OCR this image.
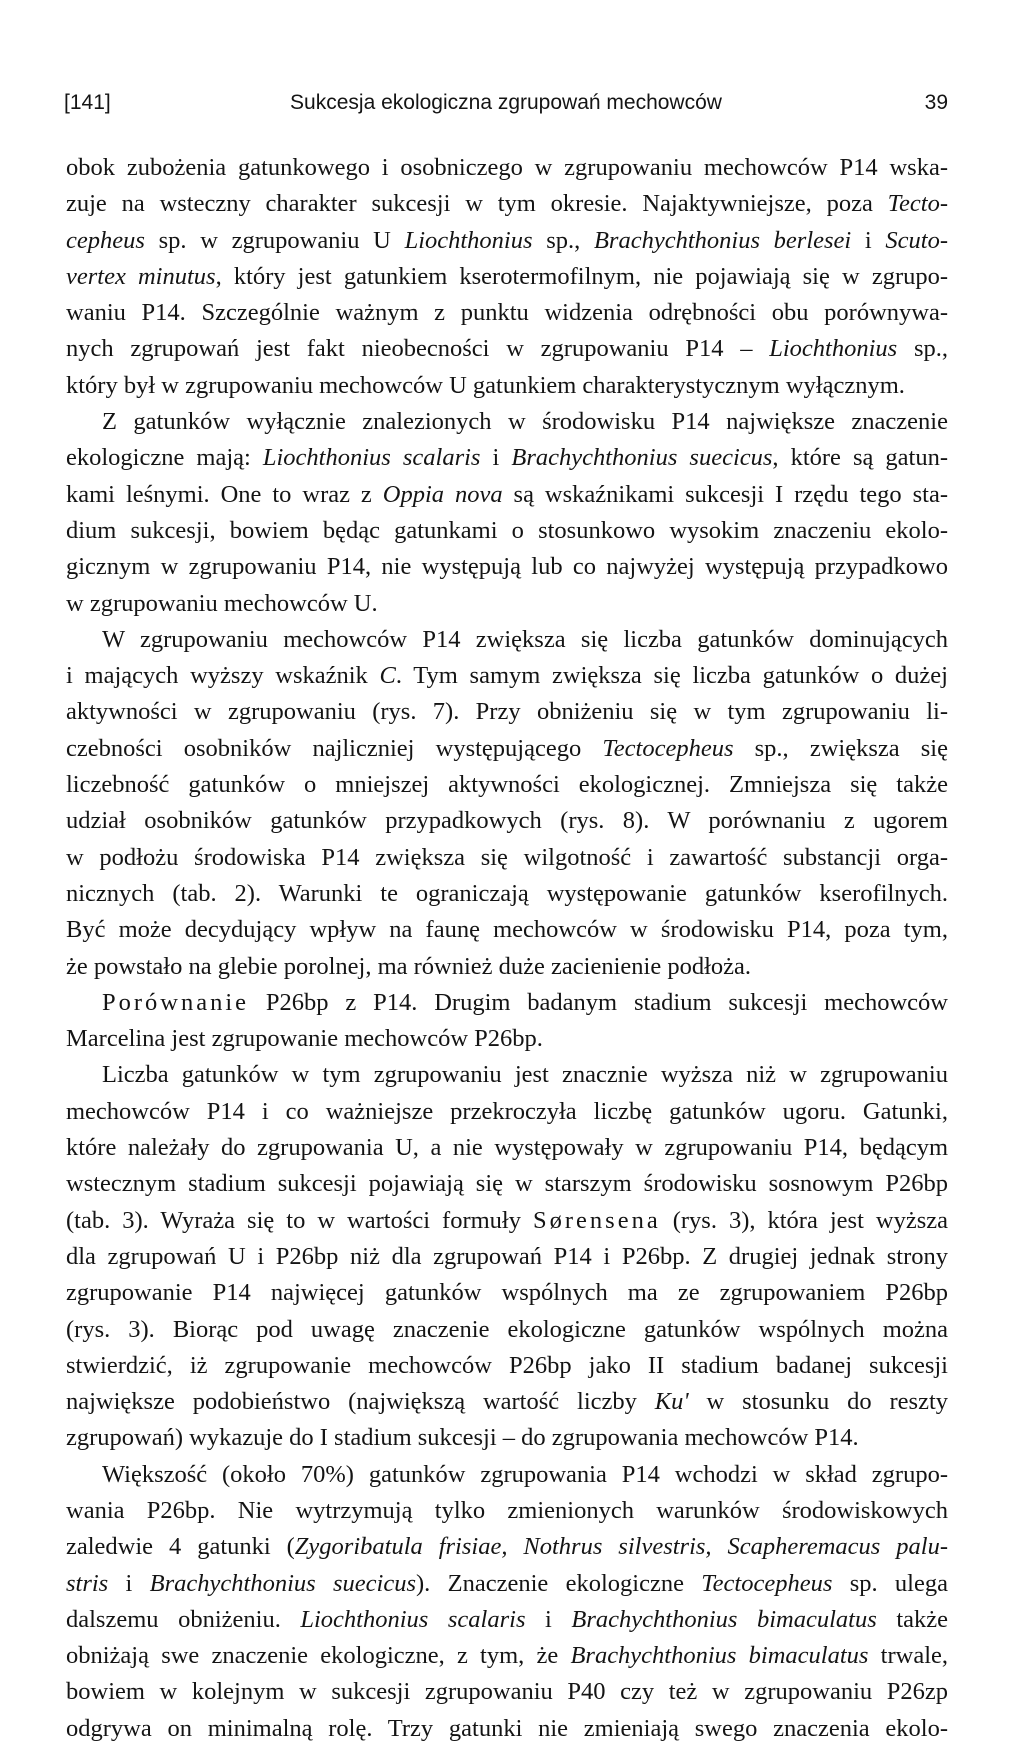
[141]	Sukcesja ekologiczna zgrupowań mechowców	39
obok zubożenia gatunkowego i osobniczego w zgrupowaniu mechowców P14 wska-
zuje na wsteczny charakter sukcesji w tym okresie. Najaktywniejsze, poza Tecto-
cepheus sp. w zgrupowaniu U Liochthonius sp., Brachychthonius berlesei i Scuto-
vertex minutus, który jest gatunkiem kserotermofilnym, nie pojawiają się w zgrupo-
waniu P14. Szczególnie ważnym z punktu widzenia odrębności obu porównywa-
nych zgrupowań jest fakt nieobecności w zgrupowaniu P14 – Liochthonius sp.,
który był w zgrupowaniu mechowców U gatunkiem charakterystycznym wyłącznym.
Z gatunków wyłącznie znalezionych w środowisku P14 największe znaczenie
ekologiczne mają: Liochthonius scalaris i Brachychthonius suecicus, które są gatun-
kami leśnymi. One to wraz z Oppia nova są wskaźnikami sukcesji I rzędu tego sta-
dium sukcesji, bowiem będąc gatunkami o stosunkowo wysokim znaczeniu ekolo-
gicznym w zgrupowaniu P14, nie występują lub co najwyżej występują przypadkowo
w zgrupowaniu mechowców U.
W zgrupowaniu mechowców P14 zwiększa się liczba gatunków dominujących
i mających wyższy wskaźnik C. Tym samym zwiększa się liczba gatunków o dużej
aktywności w zgrupowaniu (rys. 7). Przy obniżeniu się w tym zgrupowaniu li-
czebności osobników najliczniej występującego Tectocepheus sp., zwiększa się
liczebność gatunków o mniejszej aktywności ekologicznej. Zmniejsza się także
udział osobników gatunków przypadkowych (rys. 8). W porównaniu z ugorem
w podłożu środowiska P14 zwiększa się wilgotność i zawartość substancji orga-
nicznych (tab. 2). Warunki te ograniczają występowanie gatunków kserofilnych.
Być może decydujący wpływ na faunę mechowców w środowisku P14, poza tym,
że powstało na glebie porolnej, ma również duże zacienienie podłoża.
Porównanie P26bp z P14. Drugim badanym stadium sukcesji mechowców
Marcelina jest zgrupowanie mechowców P26bp.
Liczba gatunków w tym zgrupowaniu jest znacznie wyższa niż w zgrupowaniu
mechowców P14 i co ważniejsze przekroczyła liczbę gatunków ugoru. Gatunki,
które należały do zgrupowania U, a nie występowały w zgrupowaniu P14, będącym
wstecznym stadium sukcesji pojawiają się w starszym środowisku sosnowym P26bp
(tab. 3). Wyraża się to w wartości formuły Sørensena (rys. 3), która jest wyższa
dla zgrupowań U i P26bp niż dla zgrupowań P14 i P26bp. Z drugiej jednak strony
zgrupowanie P14 najwięcej gatunków wspólnych ma ze zgrupowaniem P26bp
(rys. 3). Biorąc pod uwagę znaczenie ekologiczne gatunków wspólnych można
stwierdzić, iż zgrupowanie mechowców P26bp jako II stadium badanej sukcesji
największe podobieństwo (największą wartość liczby Ku' w stosunku do reszty
zgrupowań) wykazuje do I stadium sukcesji – do zgrupowania mechowców P14.
Większość (około 70%) gatunków zgrupowania P14 wchodzi w skład zgrupo-
wania P26bp. Nie wytrzymują tylko zmienionych warunków środowiskowych
zaledwie 4 gatunki (Zygoribatula frisiae, Nothrus silvestris, Scapheremacus palu-
stris i Brachychthonius suecicus). Znaczenie ekologiczne Tectocepheus sp. ulega
dalszemu obniżeniu. Liochthonius scalaris i Brachychthonius bimaculatus także
obniżają swe znaczenie ekologiczne, z tym, że Brachychthonius bimaculatus trwale,
bowiem w kolejnym w sukcesji zgrupowaniu P40 czy też w zgrupowaniu P26zp
odgrywa on minimalną rolę. Trzy gatunki nie zmieniają swego znaczenia ekolo-
